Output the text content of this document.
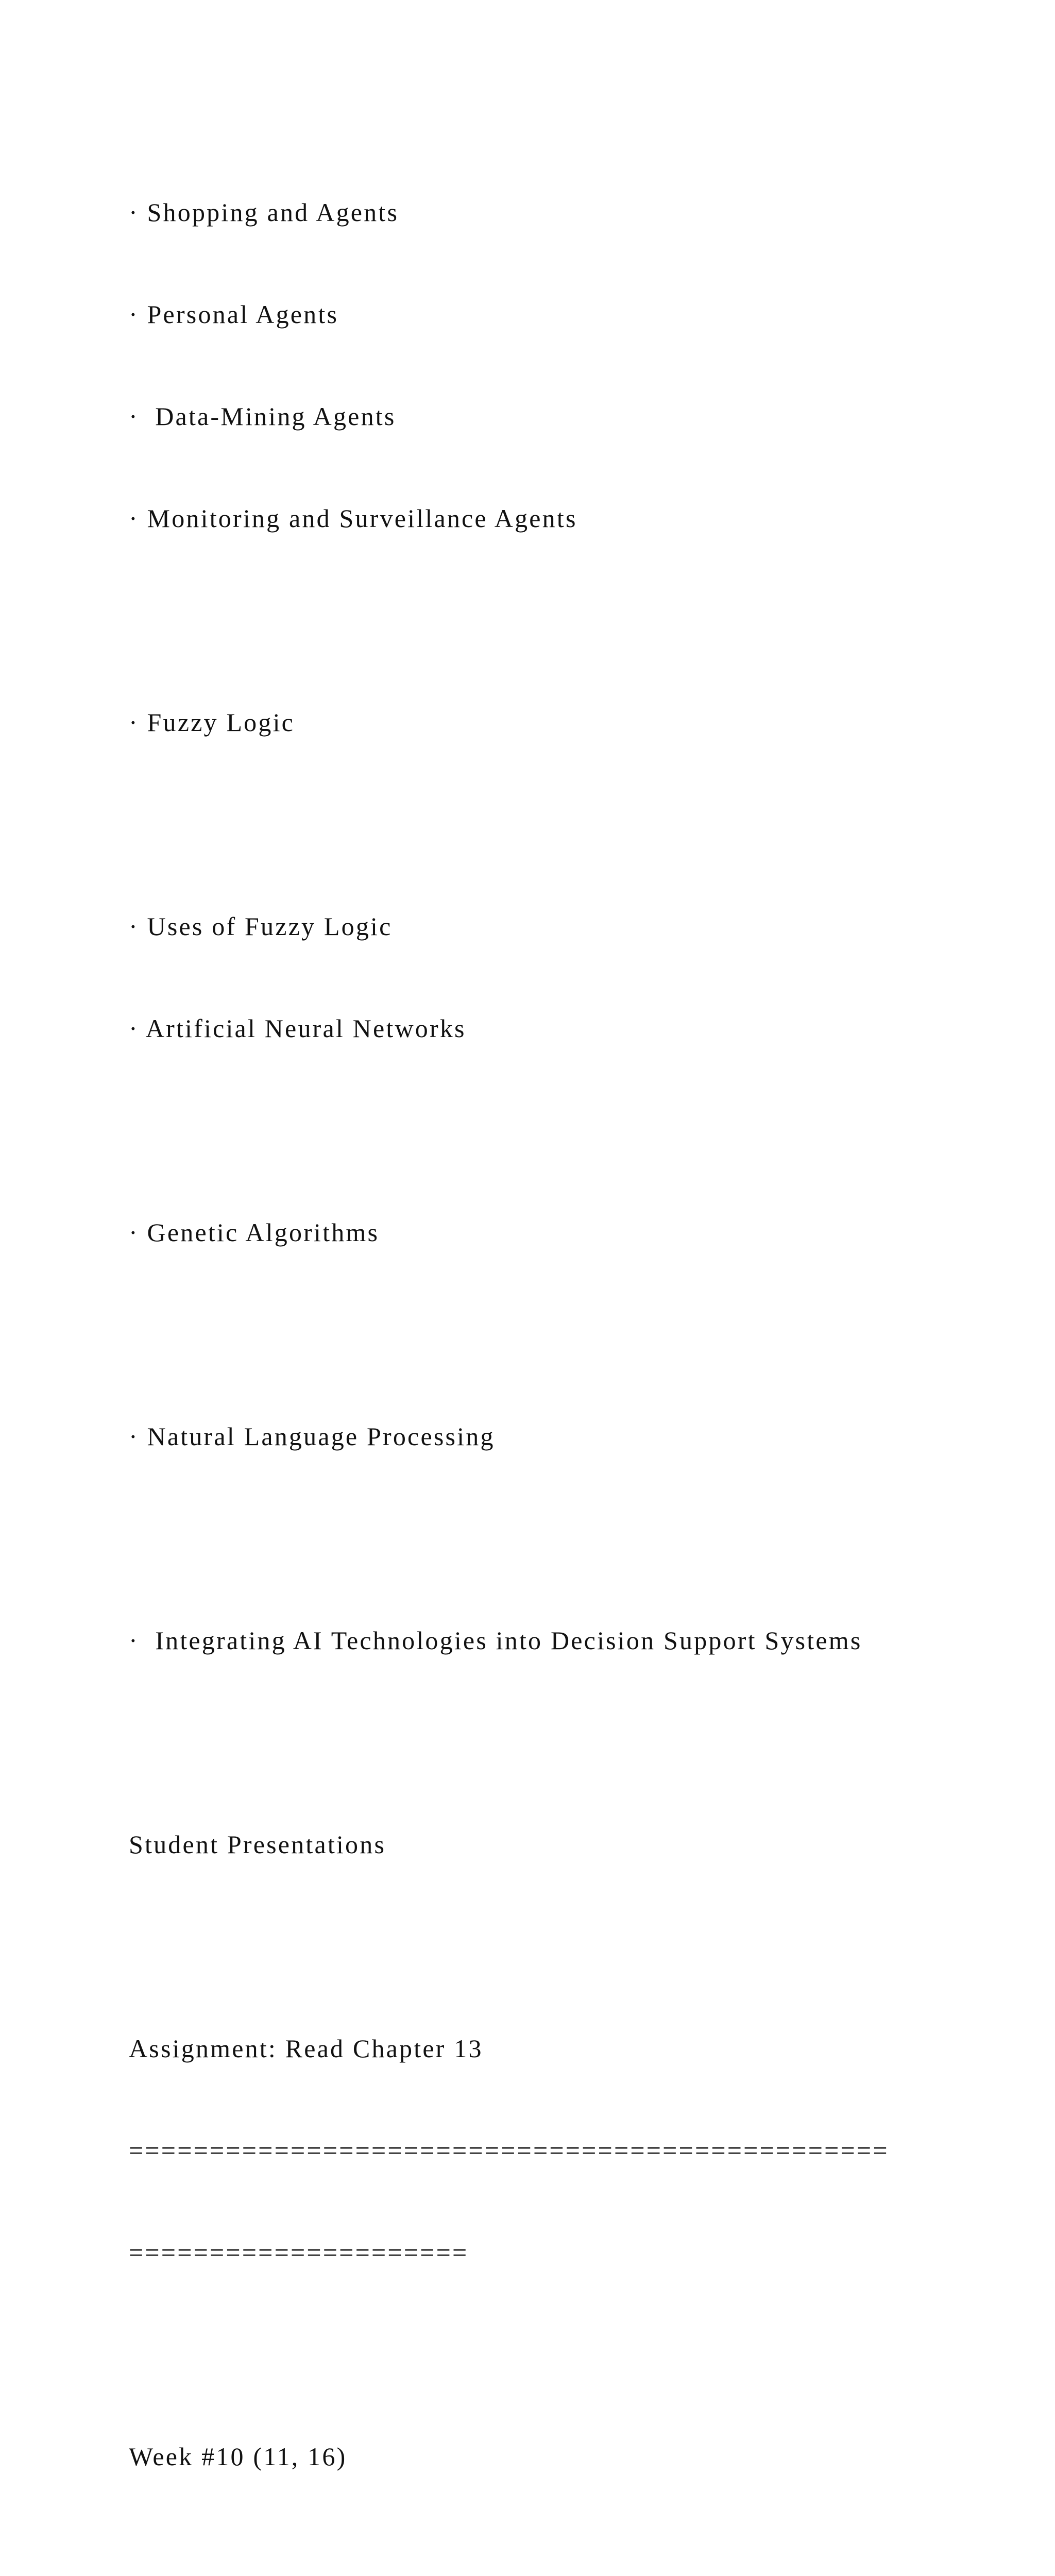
· Shopping and Agents

· Personal Agents

·  Data-Mining Agents

· Monitoring and Surveillance Agents

· Fuzzy Logic

· Uses of Fuzzy Logic

· Artificial Neural Networks

· Genetic Algorithms

· Natural Language Processing

·  Integrating AI Technologies into Decision Support Systems

Student Presentations

Assignment: Read Chapter 13

===============================================

=====================

Week #10 (11, 16)
